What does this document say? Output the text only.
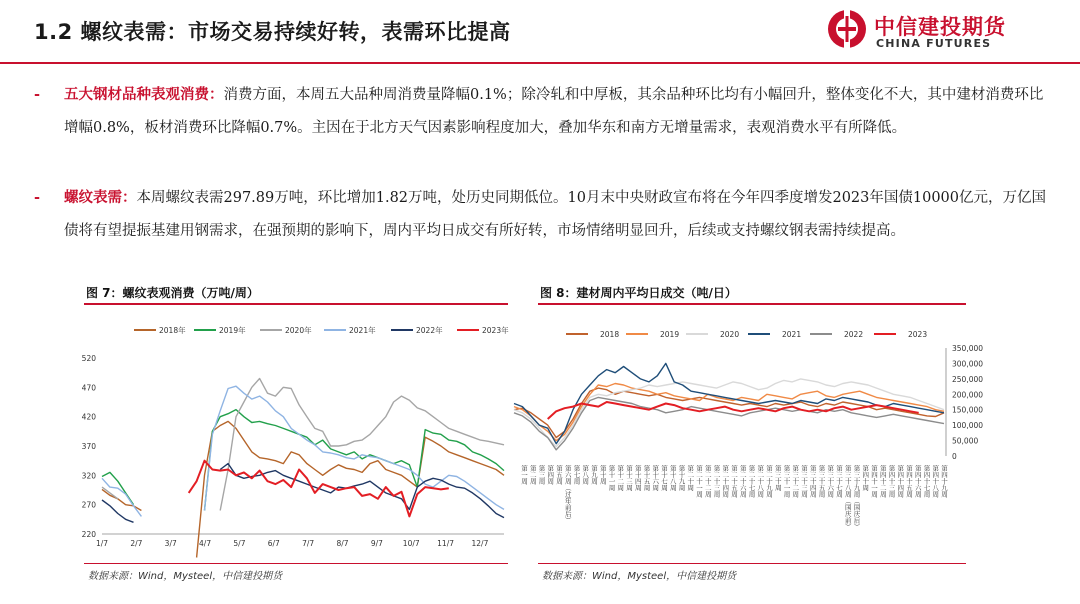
1.2 螺纹表需：市场交易持续好转，表需环比提高	中信建投期货
CHINA FUTURES
- 五大钢材品种表观消费：消费方面，本周五大品种周消费量降幅0.1%；除冷轧和中厚板，其余品种环比均有小幅回升，整体变化不大，其中建材消费环比增幅0.8%，板材消费环比降幅0.7%。主因在于北方天气因素影响程度加大，叠加华东和南方无增量需求，表观消费水平有所降低。
- 螺纹表需：本周螺纹表需297.89万吨，环比增加1.82万吨，处历史同期低位。10月末中央财政宣布将在今年四季度增发2023年国债10000亿元，万亿国债将有望提振基建用钢需求，在强预期的影响下，周内平均日成交有所好转，市场情绪明显回升，后续或支持螺纹钢表需持续提高。
图 7：螺纹表观消费（万吨/周）
2018年	2019年	2020年	2021年	2022年	2023年
220
270
320
370
420
470
520
1/7	2/7	3/7	4/7	5/7	6/7	7/7	8/7	9/7	10/7 11/7 12/7
数据来源：Wind，Mysteel，中信建投期货
图 8：建材周内平均日成交（吨/日）
2018	2019	2020	2021	2022	2023
0
50,000
100,000
150,000
200,000
250,000
300,000
350,000
第一周 第二周 第三周 第四周 第五周 第六周（过年前后） 第七周 第八周 第九周 第十周 第十一周 第十二周 第十三周 第十四周 第十五周 第十六周 第十七周 第十八周 第十九周 第二十周 第二十一周 第二十二周 第二十三周 第二十四周 第二十五周 第二十六周 第二十七周 第二十八周 第二十九周 第三十周 第三十一周 第三十二周 第三十三周 第三十四周 第三十五周 第三十六周 第三十七周 第三十八周（国庆前） 第三十九周（国庆后） 第四十周 第四十一周 第四十二周 第四十三周 第四十四周 第四十五周 第四十六周 第四十七周 第四十八周 第四十九周
数据来源：Wind，Mysteel，中信建投期货
